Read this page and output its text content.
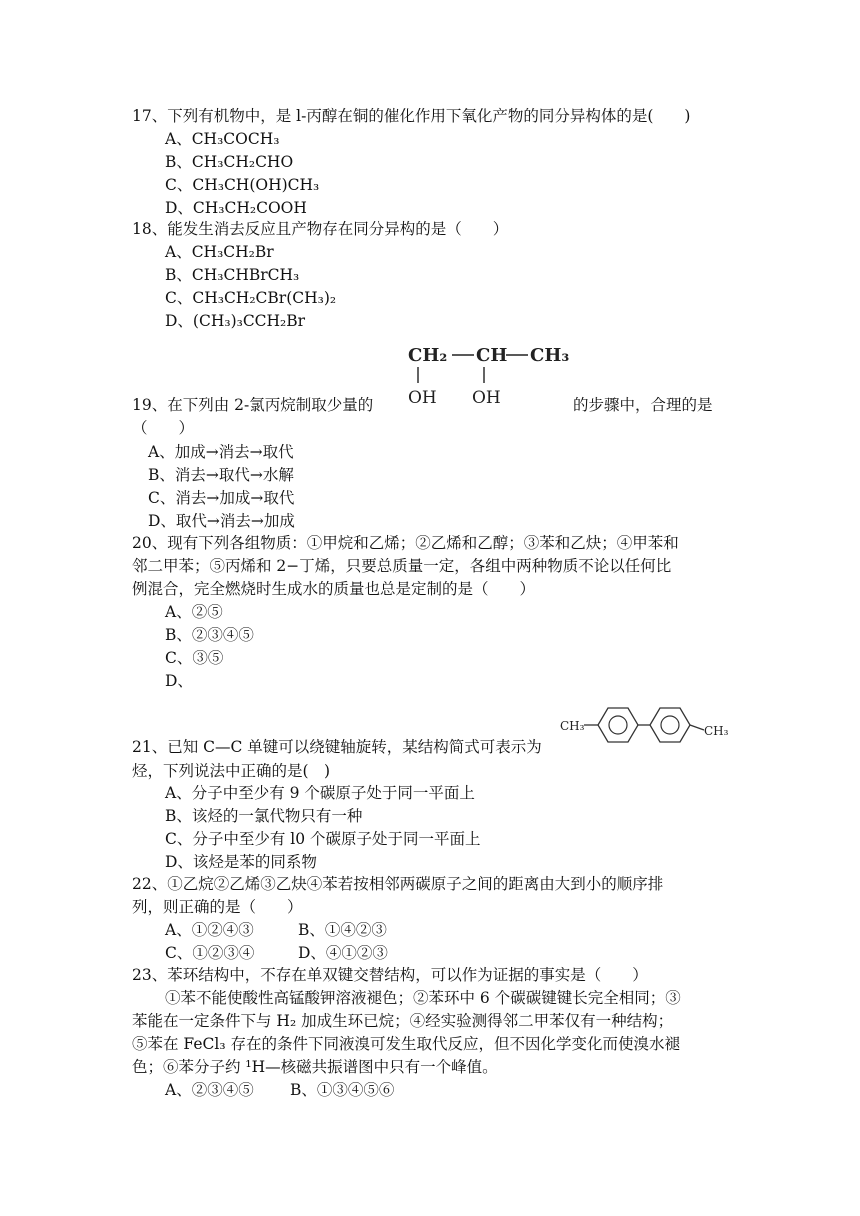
17、下列有机物中，是 l-丙醇在铜的催化作用下氧化产物的同分异构体的是(　　)
A、CH₃COCH₃
B、CH₃CH₂CHO
C、CH₃CH(OH)CH₃
D、CH₃CH₂COOH
18、能发生消去反应且产物存在同分异构的是（　　）
A、CH₃CH₂Br
B、CH₃CHBrCH₃
C、CH₃CH₂CBr(CH₃)₂
D、(CH₃)₃CCH₂Br
CH₂ CH CH₃
OH OH
19、在下列由 2-氯丙烷制取少量的	的步骤中，合理的是
（　　）
A、加成→消去→取代
B、消去→取代→水解
C、消去→加成→取代
D、取代→消去→加成
20、现有下列各组物质：①甲烷和乙烯；②乙烯和乙醇；③苯和乙炔；④甲苯和
邻二甲苯；⑤丙烯和 2−丁烯，只要总质量一定，各组中两种物质不论以任何比
例混合，完全燃烧时生成水的质量也总是定制的是（　　）
A、②⑤
B、②③④⑤
C、③⑤
D、
CH₃	CH₃
21、已知 C—C 单键可以绕键轴旋转，某结构简式可表示为
烃，下列说法中正确的是(　)
A、分子中至少有 9 个碳原子处于同一平面上
B、该烃的一氯代物只有一种
C、分子中至少有 l0 个碳原子处于同一平面上
D、该烃是苯的同系物
22、①乙烷②乙烯③乙炔④苯若按相邻两碳原子之间的距离由大到小的顺序排
列，则正确的是（　　）
A、①②④③	B、①④②③
C、①②③④	D、④①②③
23、苯环结构中，不存在单双键交替结构，可以作为证据的事实是（　　）
①苯不能使酸性高锰酸钾溶液褪色；②苯环中 6 个碳碳键键长完全相同；③
苯能在一定条件下与 H₂ 加成生环已烷；④经实验测得邻二甲苯仅有一种结构；
⑤苯在 FeCl₃ 存在的条件下同液溴可发生取代反应，但不因化学变化而使溴水褪
色；⑥苯分子约 ¹H—核磁共振谱图中只有一个峰值。
A、②③④⑤ B、①③④⑤⑥
